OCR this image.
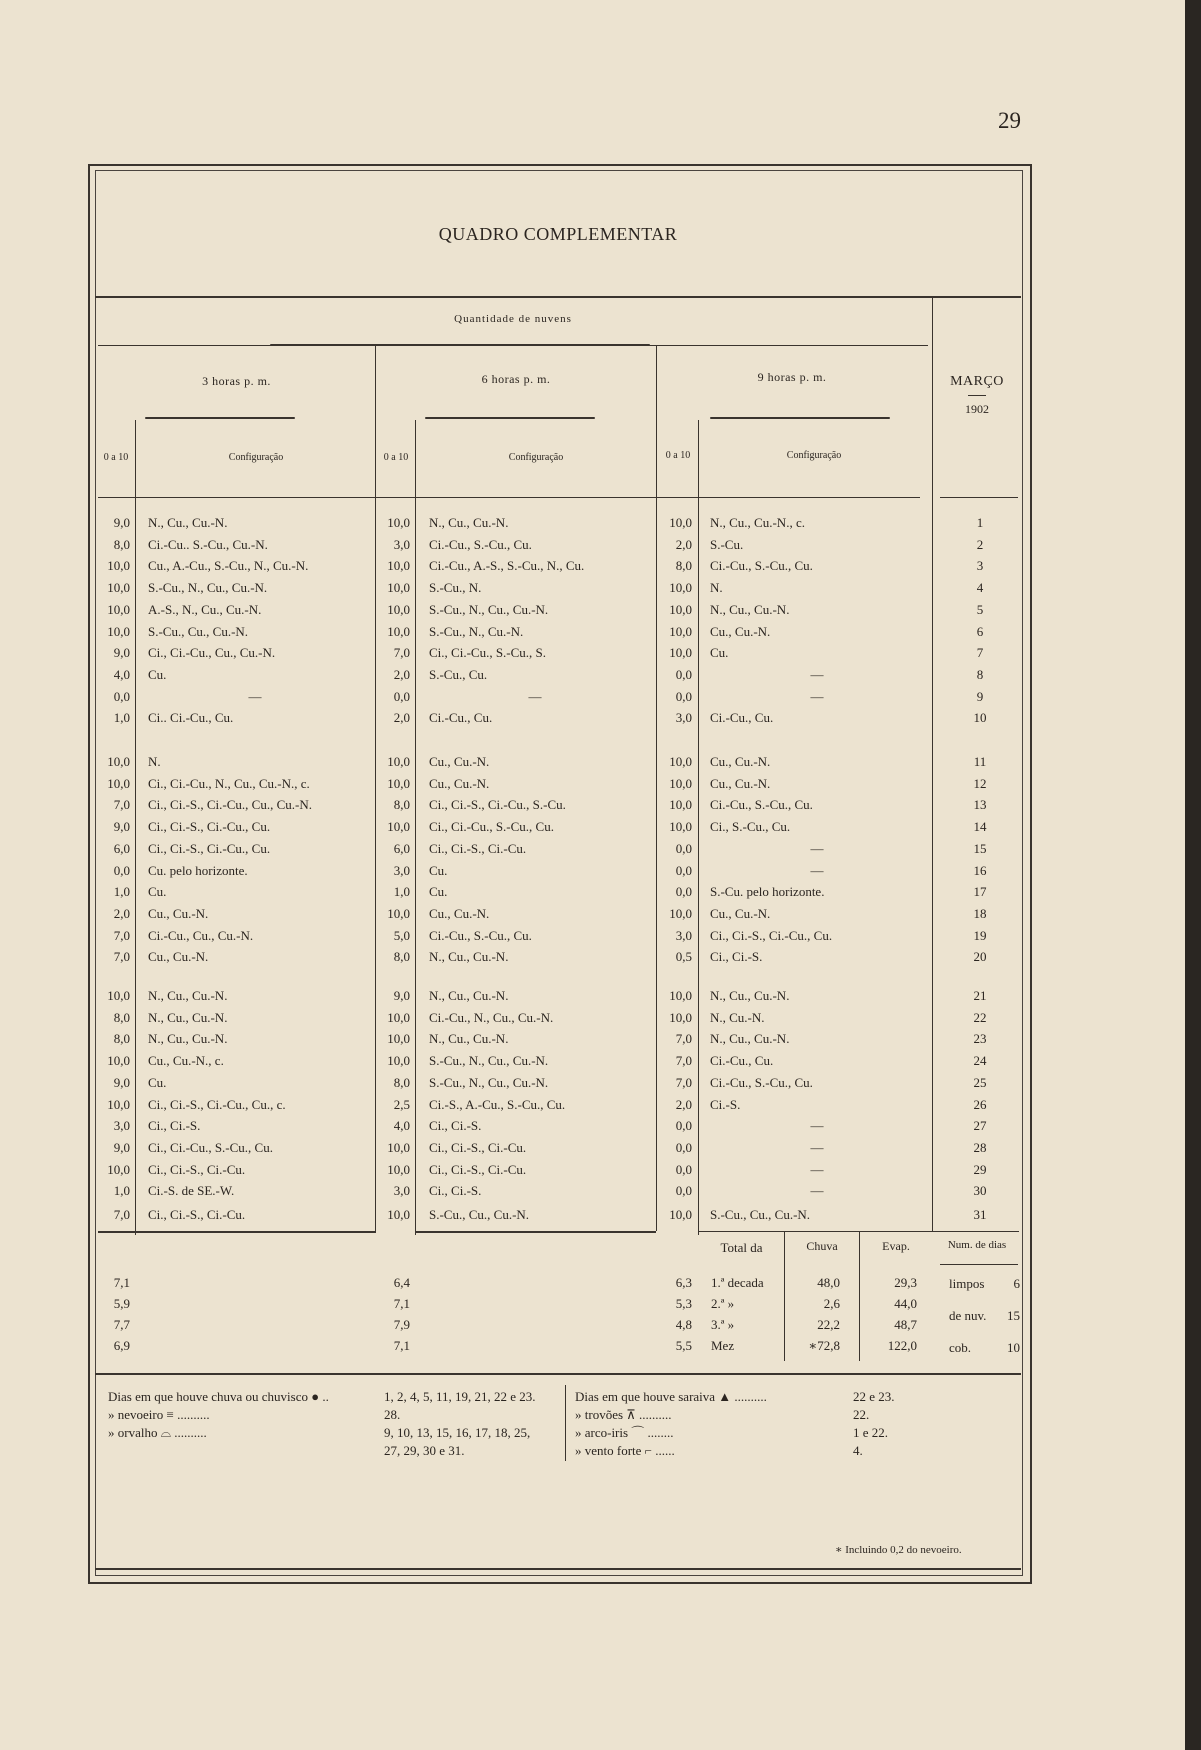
29
QUADRO COMPLEMENTAR
Quantidade de nuvens
3 horas p. m.	6 horas p. m.	9 horas p. m.	MARÇO
1902
0 a 10	Configuração	0 a 10	Configuração	0 a 10	Configuração
9,0 N., Cu., Cu.-N.	10,0 N., Cu., Cu.-N.	10,0 N., Cu., Cu.-N., c.	1
8,0 Ci.-Cu.. S.-Cu., Cu.-N.	3,0 Ci.-Cu., S.-Cu., Cu.	2,0 S.-Cu.	2
10,0 Cu., A.-Cu., S.-Cu., N., Cu.-N.	10,0 Ci.-Cu., A.-S., S.-Cu., N., Cu.	8,0 Ci.-Cu., S.-Cu., Cu.	3
10,0 S.-Cu., N., Cu., Cu.-N.	10,0 S.-Cu., N.	10,0 N.	4
10,0 A.-S., N., Cu., Cu.-N.	10,0 S.-Cu., N., Cu., Cu.-N.	10,0 N., Cu., Cu.-N.	5
10,0 S.-Cu., Cu., Cu.-N.	10,0 S.-Cu., N., Cu.-N.	10,0 Cu., Cu.-N.	6
9,0 Ci., Ci.-Cu., Cu., Cu.-N.	7,0 Ci., Ci.-Cu., S.-Cu., S.	10,0 Cu.	7
4,0 Cu.	2,0 S.-Cu., Cu.	0,0	—	8
0,0	—	0,0	—	0,0	—	9
1,0 Ci.. Ci.-Cu., Cu.	2,0 Ci.-Cu., Cu.	3,0 Ci.-Cu., Cu.	10
10,0 N.	10,0 Cu., Cu.-N.	10,0 Cu., Cu.-N.	11
10,0 Ci., Ci.-Cu., N., Cu., Cu.-N., c.	10,0 Cu., Cu.-N.	10,0 Cu., Cu.-N.	12
7,0 Ci., Ci.-S., Ci.-Cu., Cu., Cu.-N.	8,0 Ci., Ci.-S., Ci.-Cu., S.-Cu.	10,0 Ci.-Cu., S.-Cu., Cu.	13
9,0 Ci., Ci.-S., Ci.-Cu., Cu.	10,0 Ci., Ci.-Cu., S.-Cu., Cu.	10,0 Ci., S.-Cu., Cu.	14
6,0 Ci., Ci.-S., Ci.-Cu., Cu.	6,0 Ci., Ci.-S., Ci.-Cu.	0,0	—	15
0,0 Cu. pelo horizonte.	3,0 Cu.	0,0	—	16
1,0 Cu.	1,0 Cu.	0,0 S.-Cu. pelo horizonte.	17
2,0 Cu., Cu.-N.	10,0 Cu., Cu.-N.	10,0 Cu., Cu.-N.	18
7,0 Ci.-Cu., Cu., Cu.-N.	5,0 Ci.-Cu., S.-Cu., Cu.	3,0 Ci., Ci.-S., Ci.-Cu., Cu.	19
7,0 Cu., Cu.-N.	8,0 N., Cu., Cu.-N.	0,5 Ci., Ci.-S.	20
10,0 N., Cu., Cu.-N.	9,0 N., Cu., Cu.-N.	10,0 N., Cu., Cu.-N.	21
8,0 N., Cu., Cu.-N.	10,0 Ci.-Cu., N., Cu., Cu.-N.	10,0 N., Cu.-N.	22
8,0 N., Cu., Cu.-N.	10,0 N., Cu., Cu.-N.	7,0 N., Cu., Cu.-N.	23
10,0 Cu., Cu.-N., c.	10,0 S.-Cu., N., Cu., Cu.-N.	7,0 Ci.-Cu., Cu.	24
9,0 Cu.	8,0 S.-Cu., N., Cu., Cu.-N.	7,0 Ci.-Cu., S.-Cu., Cu.	25
10,0 Ci., Ci.-S., Ci.-Cu., Cu., c.	2,5 Ci.-S., A.-Cu., S.-Cu., Cu.	2,0 Ci.-S.	26
3,0 Ci., Ci.-S.	4,0 Ci., Ci.-S.	0,0	—	27
9,0 Ci., Ci.-Cu., S.-Cu., Cu.	10,0 Ci., Ci.-S., Ci.-Cu.	0,0	—	28
10,0 Ci., Ci.-S., Ci.-Cu.	10,0 Ci., Ci.-S., Ci.-Cu.	0,0	—	29
1,0 Ci.-S. de SE.-W.	3,0 Ci., Ci.-S.	0,0	—	30
7,0 Ci., Ci.-S., Ci.-Cu.	10,0 S.-Cu., Cu., Cu.-N.	10,0 S.-Cu., Cu., Cu.-N.	31
Total da	Chuva	Evap.	Num. de dias
7,1	6,4	6,3 1.ª decada	48,0	29,3
5,9	7,1	5,3 2.ª »	2,6	44,0
7,7	7,9	4,8 3.ª »	22,2	48,7
6,9	7,1	5,5 Mez	∗72,8	122,0
limpos	6
de nuv.	15
cob.	10
Dias em que houve chuva ou chuvisco ● ..	1, 2, 4, 5, 11, 19, 21, 22 e 23.
» nevoeiro ≡ ..........	28.
» orvalho ⌓ ..........	9, 10, 13, 15, 16, 17, 18, 25,
27, 29, 30 e 31.
Dias em que houve saraiva ▲ ..........	22 e 23.
» trovões ⊼ ..........	22.
» arco-iris ⌒ ........	1 e 22.
» vento forte ⌐ ......	4.
∗ Incluindo 0,2 do nevoeiro.
